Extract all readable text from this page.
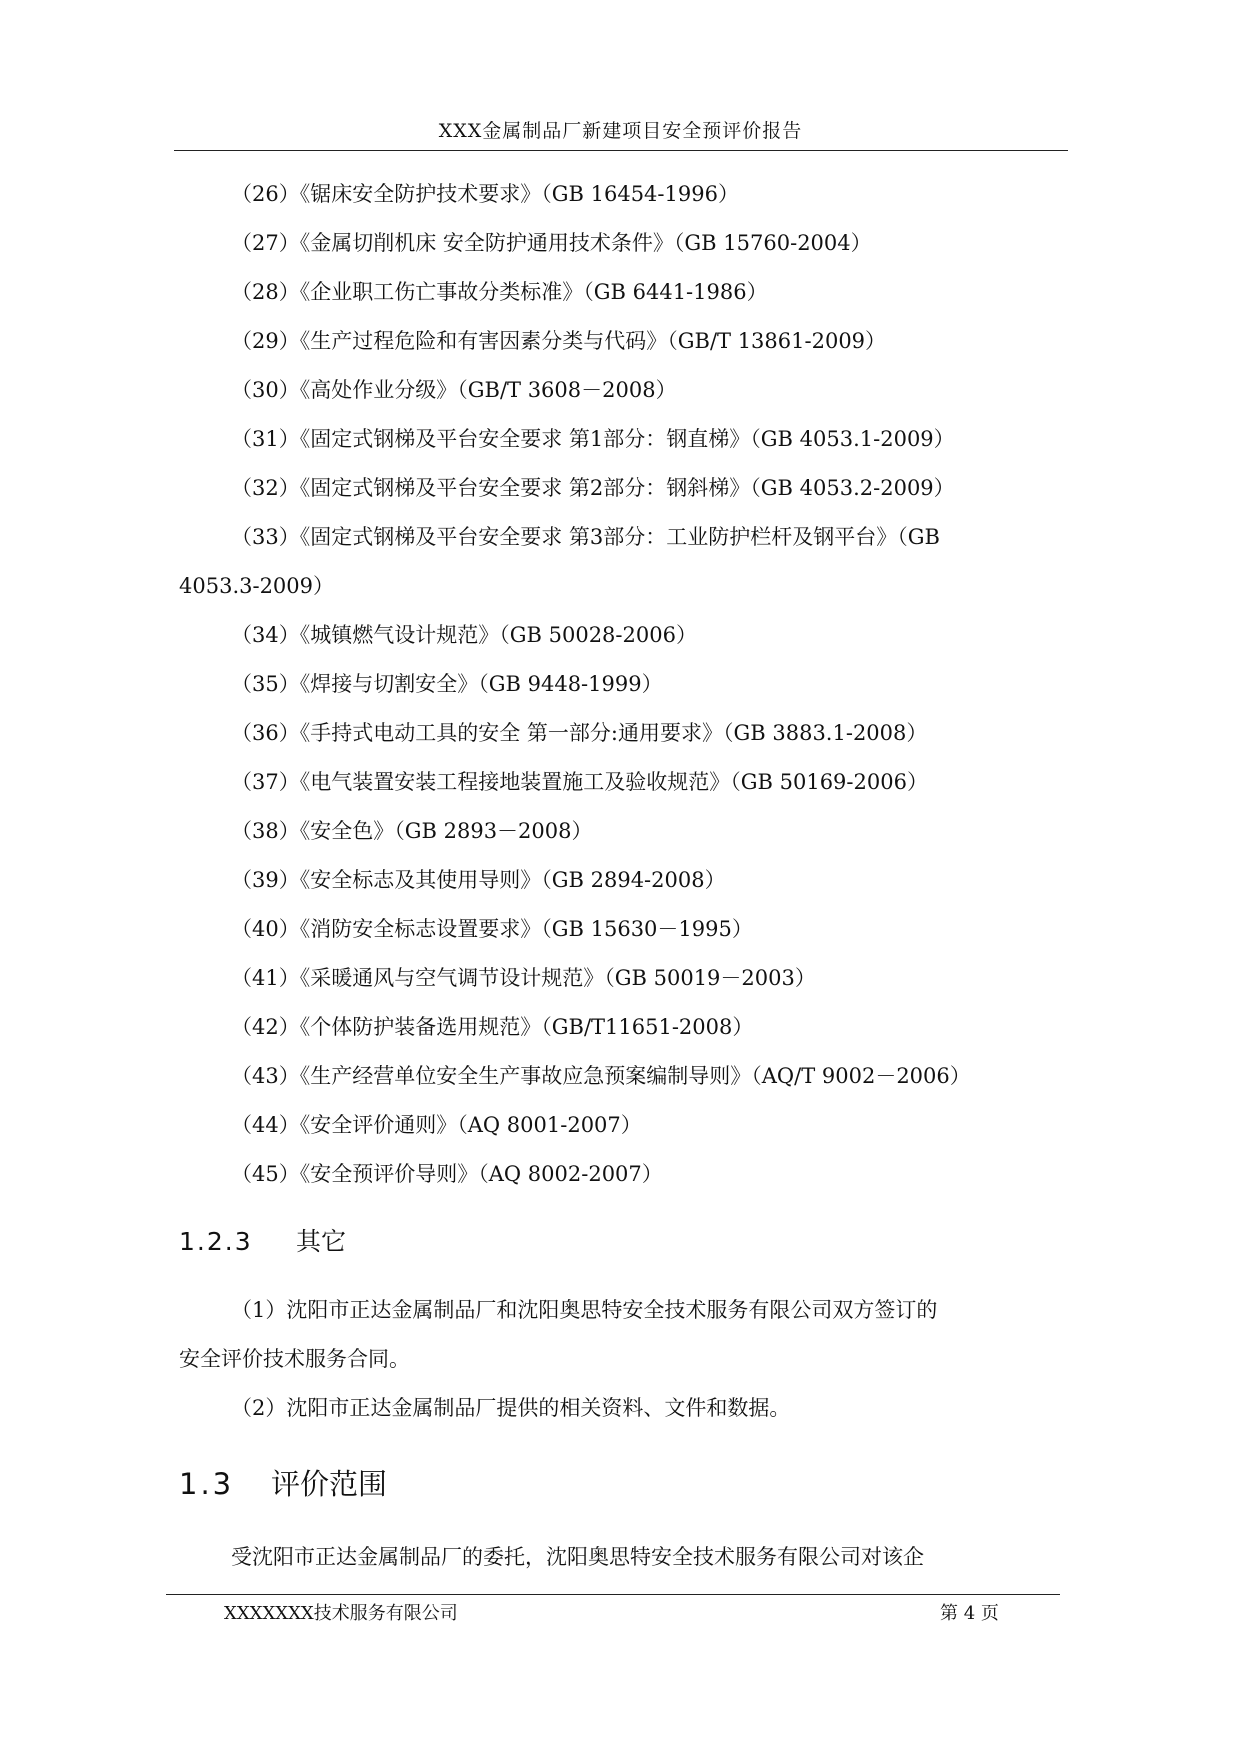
XXX金属制品厂新建项目安全预评价报告
（26）《锯床安全防护技术要求》（GB 16454-1996）
（27）《金属切削机床 安全防护通用技术条件》（GB 15760-2004）
（28）《企业职工伤亡事故分类标准》（GB 6441-1986）
（29）《生产过程危险和有害因素分类与代码》（GB/T 13861-2009）
（30）《高处作业分级》（GB/T 3608－2008）
（31）《固定式钢梯及平台安全要求 第1部分：钢直梯》（GB 4053.1-2009）
（32）《固定式钢梯及平台安全要求 第2部分：钢斜梯》（GB 4053.2-2009）
（33）《固定式钢梯及平台安全要求 第3部分：工业防护栏杆及钢平台》（GB
4053.3-2009）
（34）《城镇燃气设计规范》（GB 50028-2006）
（35）《焊接与切割安全》（GB 9448-1999）
（36）《手持式电动工具的安全 第一部分:通用要求》（GB 3883.1-2008）
（37）《电气装置安装工程接地装置施工及验收规范》（GB 50169-2006）
（38）《安全色》（GB 2893－2008）
（39）《安全标志及其使用导则》（GB 2894-2008）
（40）《消防安全标志设置要求》（GB 15630－1995）
（41）《采暖通风与空气调节设计规范》（GB 50019－2003）
（42）《个体防护装备选用规范》（GB/T11651-2008）
（43）《生产经营单位安全生产事故应急预案编制导则》（AQ/T 9002－2006）
（44）《安全评价通则》（AQ 8001-2007）
（45）《安全预评价导则》（AQ 8002-2007）
1.2.3 其它
（1）沈阳市正达金属制品厂和沈阳奥思特安全技术服务有限公司双方签订的
安全评价技术服务合同。
（2）沈阳市正达金属制品厂提供的相关资料、文件和数据。
1.3 评价范围
受沈阳市正达金属制品厂的委托，沈阳奥思特安全技术服务有限公司对该企
XXXXXXX技术服务有限公司	第 4 页
